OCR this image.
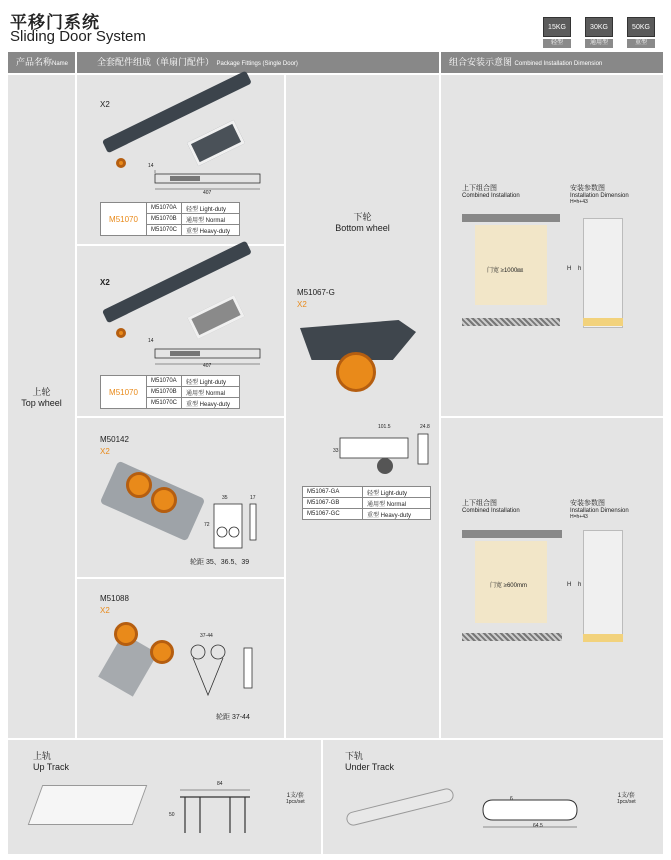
平移门系统
Sliding Door System
15KG
轻型
30KG
通用型
50KG
重型
产品名称Name	全套配件组成（单扇门配件） Package Fittings (Single Door)	组合安装示意图 Combined Installation Dimension
上轮
Top wheel
X2
14
407
M51070	M51070A	轻型 Light-duty
	M51070B	通用型 Normal
	M51070C	重型 Heavy-duty
X2
14
407
M51070	M51070A	轻型 Light-duty
	M51070B	通用型 Normal
	M51070C	重型 Heavy-duty
M50142
X2
35
72
17
轮距 35、36.5、39
M51088
X2
37-44
轮距 37-44
下轮
Bottom wheel
M51067-G
X2
101.5	24.8
33
M51067-GA	轻型 Light-duty
M51067-GB	通用型 Normal
M51067-GC	重型 Heavy-duty
上下组合图
Combined Installation
安装参数图
Installation Dimension
H=h+43
门宽 ≥1000㎜	H h
上下组合图
Combined Installation
安装参数图
Installation Dimension
H=h+43
门宽 ≥600mm	H h
上轨
Up Track
84
50
1支/套
1pcs/set
下轨
Under Track
64.5
6	1支/套
1pcs/set
